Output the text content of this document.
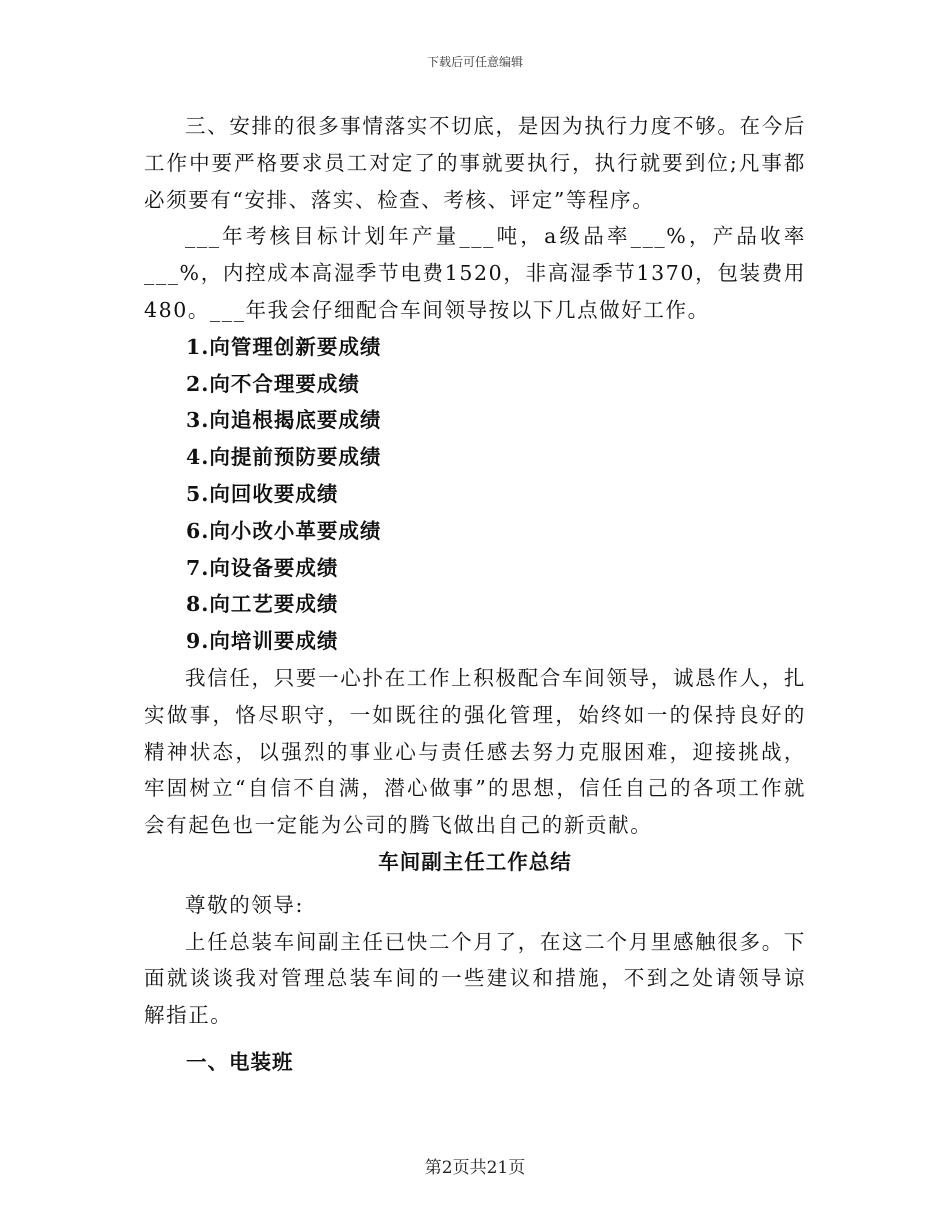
下载后可任意编辑

三、安排的很多事情落实不切底，是因为执行力度不够。在今后工作中要严格要求员工对定了的事就要执行，执行就要到位;凡事都必须要有“安排、落实、检查、考核、评定”等程序。

___年考核目标计划年产量___吨，a级品率___%，产品收率___%，内控成本高湿季节电费1520，非高湿季节1370，包装费用480。___年我会仔细配合车间领导按以下几点做好工作。

1.向管理创新要成绩
2.向不合理要成绩
3.向追根揭底要成绩
4.向提前预防要成绩
5.向回收要成绩
6.向小改小革要成绩
7.向设备要成绩
8.向工艺要成绩
9.向培训要成绩

我信任，只要一心扑在工作上积极配合车间领导，诚恳作人，扎实做事，恪尽职守，一如既往的强化管理，始终如一的保持良好的精神状态，以强烈的事业心与责任感去努力克服困难，迎接挑战，牢固树立“自信不自满，潜心做事”的思想，信任自己的各项工作就会有起色也一定能为公司的腾飞做出自己的新贡献。

车间副主任工作总结

尊敬的领导:

上任总装车间副主任已快二个月了，在这二个月里感触很多。下面就谈谈我对管理总装车间的一些建议和措施，不到之处请领导谅解指正。

一、电装班
第2页共21页
